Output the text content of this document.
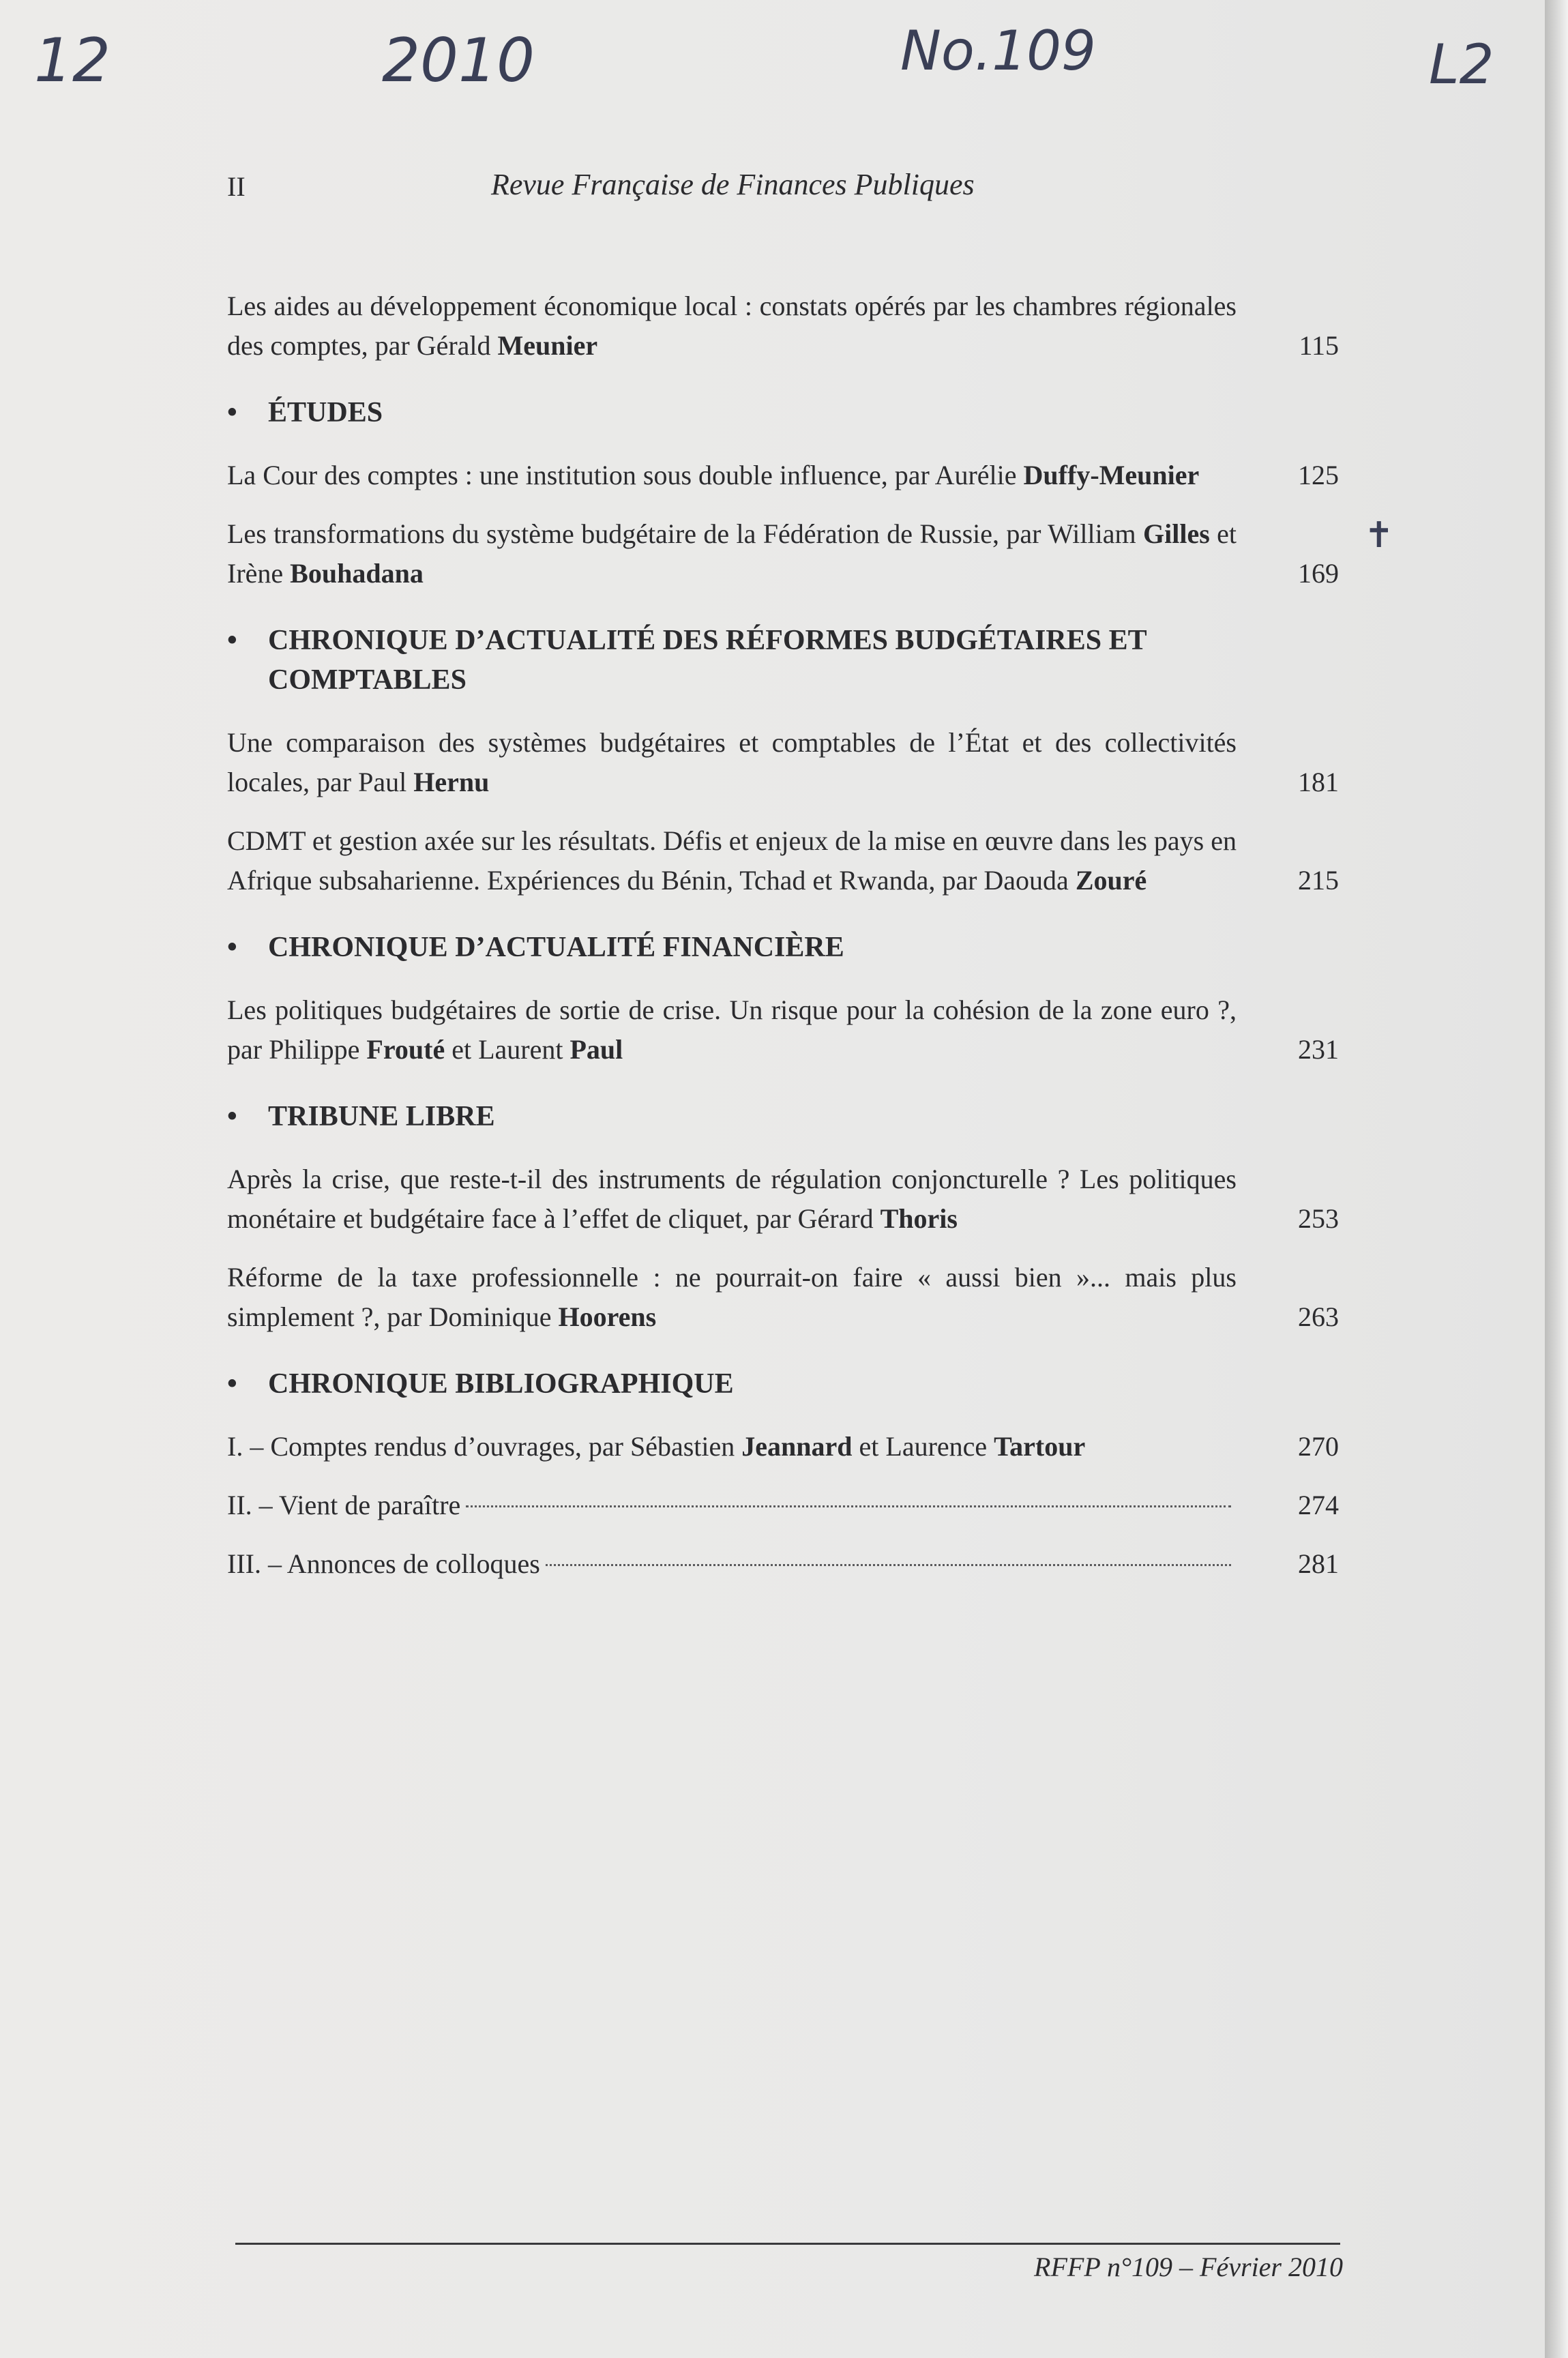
12	2010	No.109	L2
II	Revue Française de Finances Publiques
✝
Les aides au développement économique local : constats opérés par les chambres régionales des comptes, par Gérald Meunier	115
•	ÉTUDES
La Cour des comptes : une institution sous double influence, par Aurélie Duffy-Meunier	125
Les transformations du système budgétaire de la Fédération de Russie, par William Gilles et Irène Bouhadana	169
•	CHRONIQUE D’ACTUALITÉ DES RÉFORMES BUDGÉTAIRES ET COMPTABLES
Une comparaison des systèmes budgétaires et comptables de l’État et des collectivités locales, par Paul Hernu	181
CDMT et gestion axée sur les résultats. Défis et enjeux de la mise en œuvre dans les pays en Afrique subsaharienne. Expériences du Bénin, Tchad et Rwanda, par Daouda Zouré	215
•	CHRONIQUE D’ACTUALITÉ FINANCIÈRE
Les politiques budgétaires de sortie de crise. Un risque pour la cohésion de la zone euro ?, par Philippe Frouté et Laurent Paul	231
•	TRIBUNE LIBRE
Après la crise, que reste-t-il des instruments de régulation conjoncturelle ? Les politiques monétaire et budgétaire face à l’effet de cliquet, par Gérard Thoris	253
Réforme de la taxe professionnelle : ne pourrait-on faire « aussi bien »... mais plus simplement ?, par Dominique Hoorens	263
•	CHRONIQUE BIBLIOGRAPHIQUE
I. – Comptes rendus d’ouvrages, par Sébastien Jeannard et Laurence Tartour	270
II. – Vient de paraître	274
III. – Annonces de colloques	281
RFFP n°109 – Février 2010
